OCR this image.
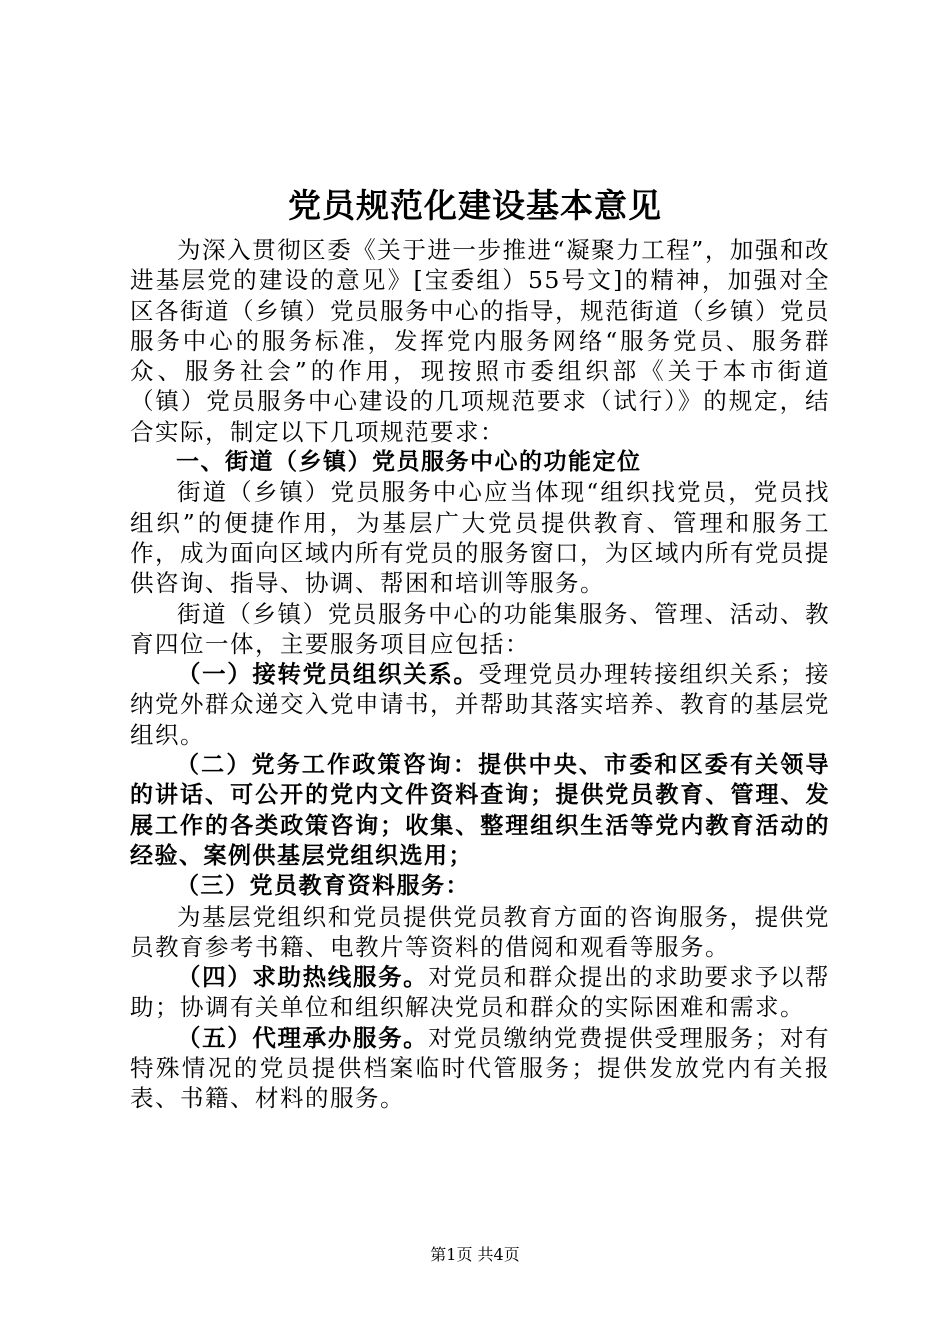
党员规范化建设基本意见

为深入贯彻区委《关于进一步推进“凝聚力工程”，加强和改进基层党的建设的意见》[宝委组）55号文]的精神，加强对全区各街道（乡镇）党员服务中心的指导，规范街道（乡镇）党员服务中心的服务标准，发挥党内服务网络“服务党员、服务群众、服务社会”的作用，现按照市委组织部《关于本市街道（镇）党员服务中心建设的几项规范要求（试行）》的规定，结合实际，制定以下几项规范要求：

一、街道（乡镇）党员服务中心的功能定位

街道（乡镇）党员服务中心应当体现“组织找党员，党员找组织”的便捷作用，为基层广大党员提供教育、管理和服务工作，成为面向区域内所有党员的服务窗口，为区域内所有党员提供咨询、指导、协调、帮困和培训等服务。

街道（乡镇）党员服务中心的功能集服务、管理、活动、教育四位一体，主要服务项目应包括：

（一）接转党员组织关系。受理党员办理转接组织关系；接纳党外群众递交入党申请书，并帮助其落实培养、教育的基层党组织。

（二）党务工作政策咨询：提供中央、市委和区委有关领导的讲话、可公开的党内文件资料查询；提供党员教育、管理、发展工作的各类政策咨询；收集、整理组织生活等党内教育活动的经验、案例供基层党组织选用；

（三）党员教育资料服务：

为基层党组织和党员提供党员教育方面的咨询服务，提供党员教育参考书籍、电教片等资料的借阅和观看等服务。

（四）求助热线服务。对党员和群众提出的求助要求予以帮助；协调有关单位和组织解决党员和群众的实际困难和需求。

（五）代理承办服务。对党员缴纳党费提供受理服务；对有特殊情况的党员提供档案临时代管服务；提供发放党内有关报表、书籍、材料的服务。

第1页 共4页
